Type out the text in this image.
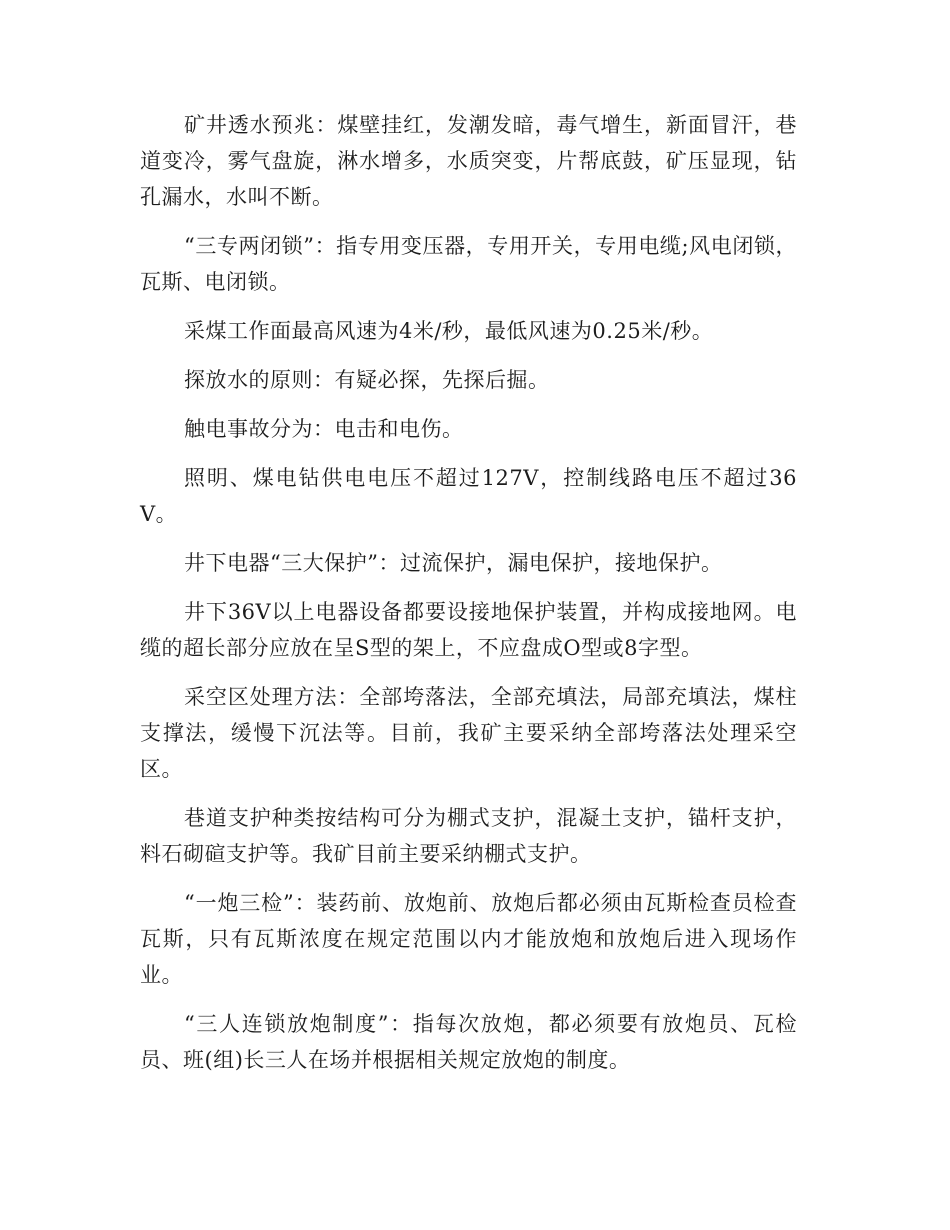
矿井透水预兆：煤壁挂红，发潮发暗，毒气增生，新面冒汗，巷道变冷，雾气盘旋，淋水增多，水质突变，片帮底鼓，矿压显现，钻孔漏水，水叫不断。

“三专两闭锁”：指专用变压器，专用开关，专用电缆;风电闭锁，瓦斯、电闭锁。

采煤工作面最高风速为4米/秒，最低风速为0.25米/秒。

探放水的原则：有疑必探，先探后掘。

触电事故分为：电击和电伤。

照明、煤电钻供电电压不超过127V，控制线路电压不超过36V。

井下电器“三大保护”：过流保护，漏电保护，接地保护。

井下36V以上电器设备都要设接地保护装置，并构成接地网。电缆的超长部分应放在呈S型的架上，不应盘成O型或8字型。

采空区处理方法：全部垮落法，全部充填法，局部充填法，煤柱支撑法，缓慢下沉法等。目前，我矿主要采纳全部垮落法处理采空区。

巷道支护种类按结构可分为棚式支护，混凝土支护，锚杆支护，料石砌碹支护等。我矿目前主要采纳棚式支护。

“一炮三检”：装药前、放炮前、放炮后都必须由瓦斯检查员检查瓦斯，只有瓦斯浓度在规定范围以内才能放炮和放炮后进入现场作业。

“三人连锁放炮制度”：指每次放炮，都必须要有放炮员、瓦检员、班(组)长三人在场并根据相关规定放炮的制度。
